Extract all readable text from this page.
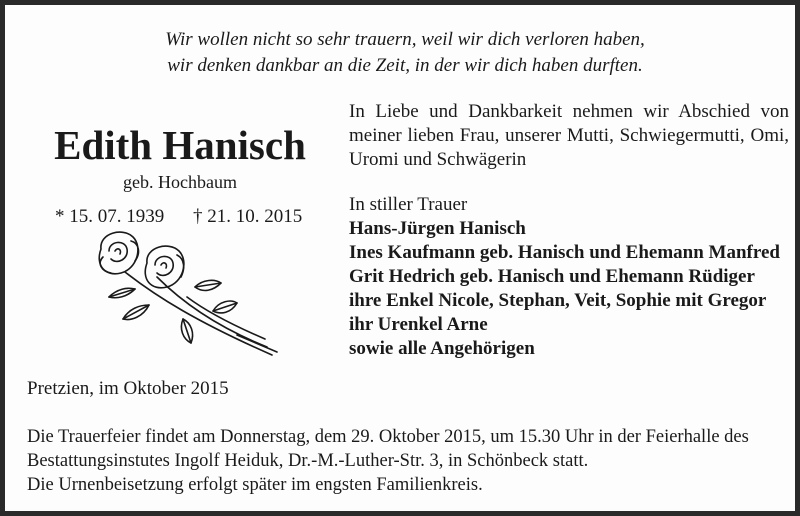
Wir wollen nicht so sehr trauern, weil wir dich verloren haben,
wir denken dankbar an die Zeit, in der wir dich haben durften.
Edith Hanisch
geb. Hochbaum
* 15. 07. 1939 † 21. 10. 2015
In Liebe und Dankbarkeit nehmen wir Abschied von meiner lieben Frau, unserer Mutti, Schwiegermutti, Omi, Uromi und Schwägerin
In stiller Trauer
Hans-Jürgen Hanisch
Ines Kaufmann geb. Hanisch und Ehemann Manfred
Grit Hedrich geb. Hanisch und Ehemann Rüdiger
ihre Enkel Nicole, Stephan, Veit, Sophie mit Gregor
ihr Urenkel Arne
sowie alle Angehörigen
Pretzien, im Oktober 2015
Die Trauerfeier findet am Donnerstag, dem 29. Oktober 2015, um 15.30 Uhr in der Feierhalle des
Bestattungsinstutes Ingolf Heiduk, Dr.-M.-Luther-Str. 3, in Schönbeck statt.
Die Urnenbeisetzung erfolgt später im engsten Familienkreis.
